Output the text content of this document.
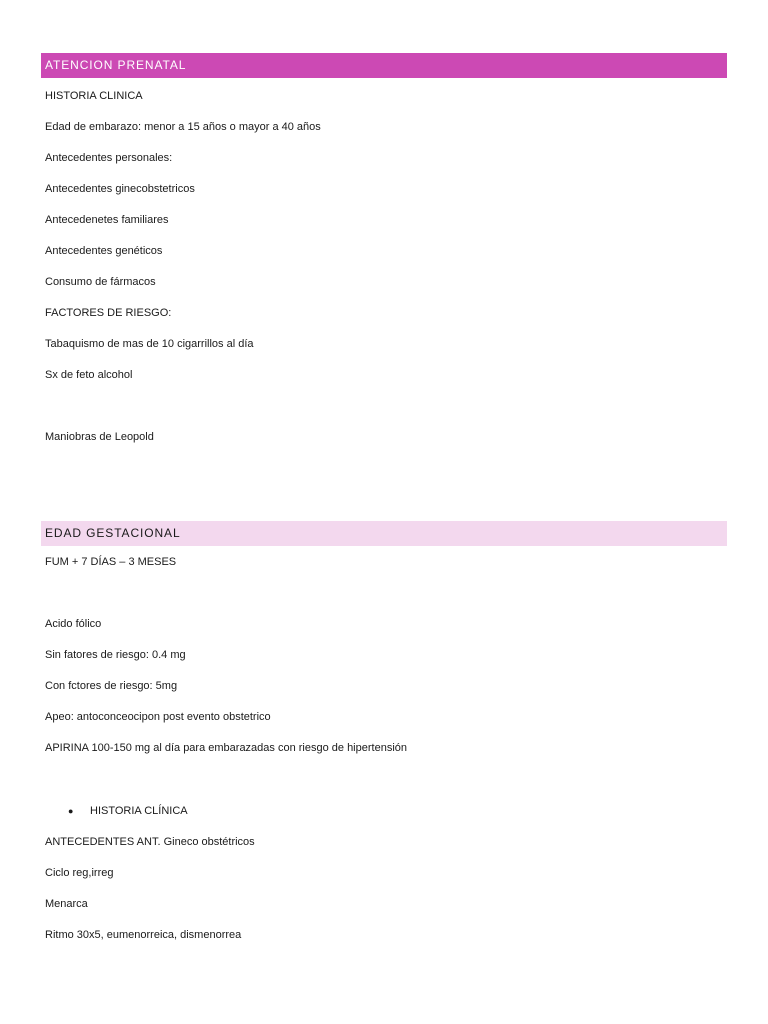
ATENCION PRENATAL
HISTORIA CLINICA
Edad de embarazo: menor a 15 años o mayor a 40 años
Antecedentes personales:
Antecedentes ginecobstetricos
Antecedenetes familiares
Antecedentes genéticos
Consumo de fármacos
FACTORES DE RIESGO:
Tabaquismo de mas de 10 cigarrillos al día
Sx de feto alcohol
Maniobras de Leopold
EDAD GESTACIONAL
FUM + 7 DÍAS – 3 MESES
Acido fólico
Sin fatores de riesgo: 0.4 mg
Con fctores de riesgo: 5mg
Apeo: antoconceocipon post evento obstetrico
APIRINA 100-150 mg al día para embarazadas con riesgo de hipertensión
● HISTORIA CLÍNICA
ANTECEDENTES ANT. Gineco obstétricos
Ciclo reg,irreg
Menarca
Ritmo 30x5, eumenorreica, dismenorrea
